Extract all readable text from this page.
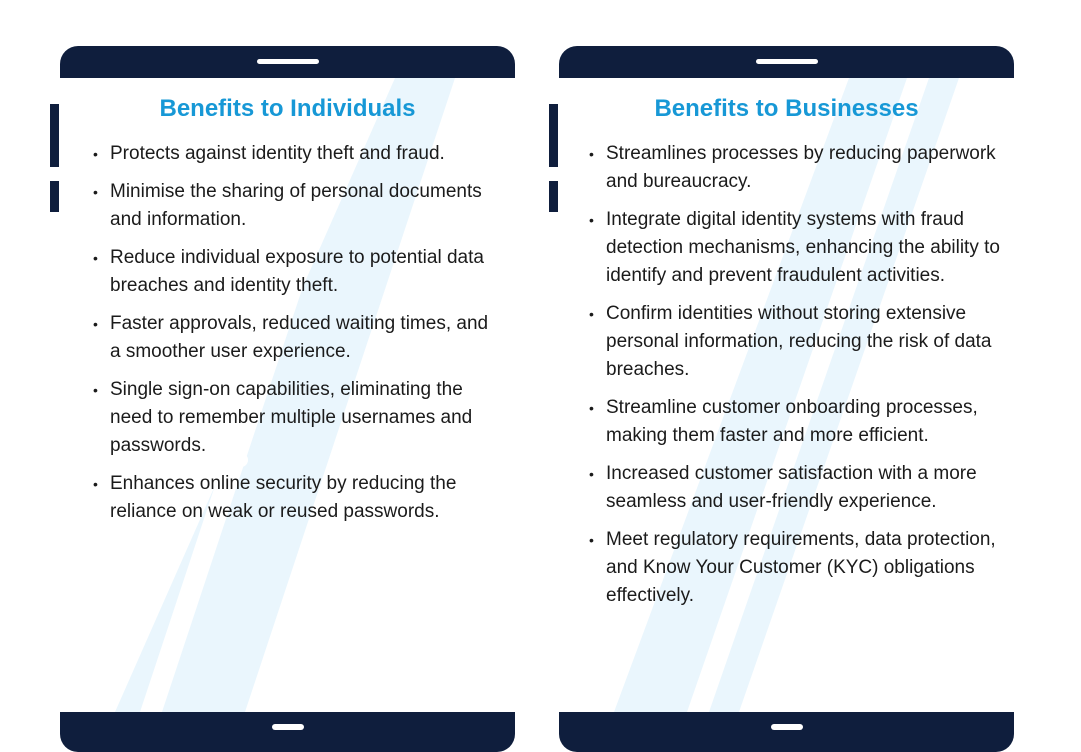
Benefits to Individuals
• Protects against identity theft and fraud.
• Minimise the sharing of personal documents and information.
• Reduce individual exposure to potential data breaches and identity theft.
• Faster approvals, reduced waiting times, and a smoother user experience.
• Single sign-on capabilities, eliminating the need to remember multiple usernames and passwords.
• Enhances online security by reducing the reliance on weak or reused passwords.
Benefits to Businesses
• Streamlines processes by reducing paperwork and bureaucracy.
• Integrate digital identity systems with fraud detection mechanisms, enhancing the ability to identify and prevent fraudulent activities.
• Confirm identities without storing extensive personal information, reducing the risk of data breaches.
• Streamline customer onboarding processes, making them faster and more efficient.
• Increased customer satisfaction with a more seamless and user-friendly experience.
• Meet regulatory requirements, data protection, and Know Your Customer (KYC) obligations effectively.
